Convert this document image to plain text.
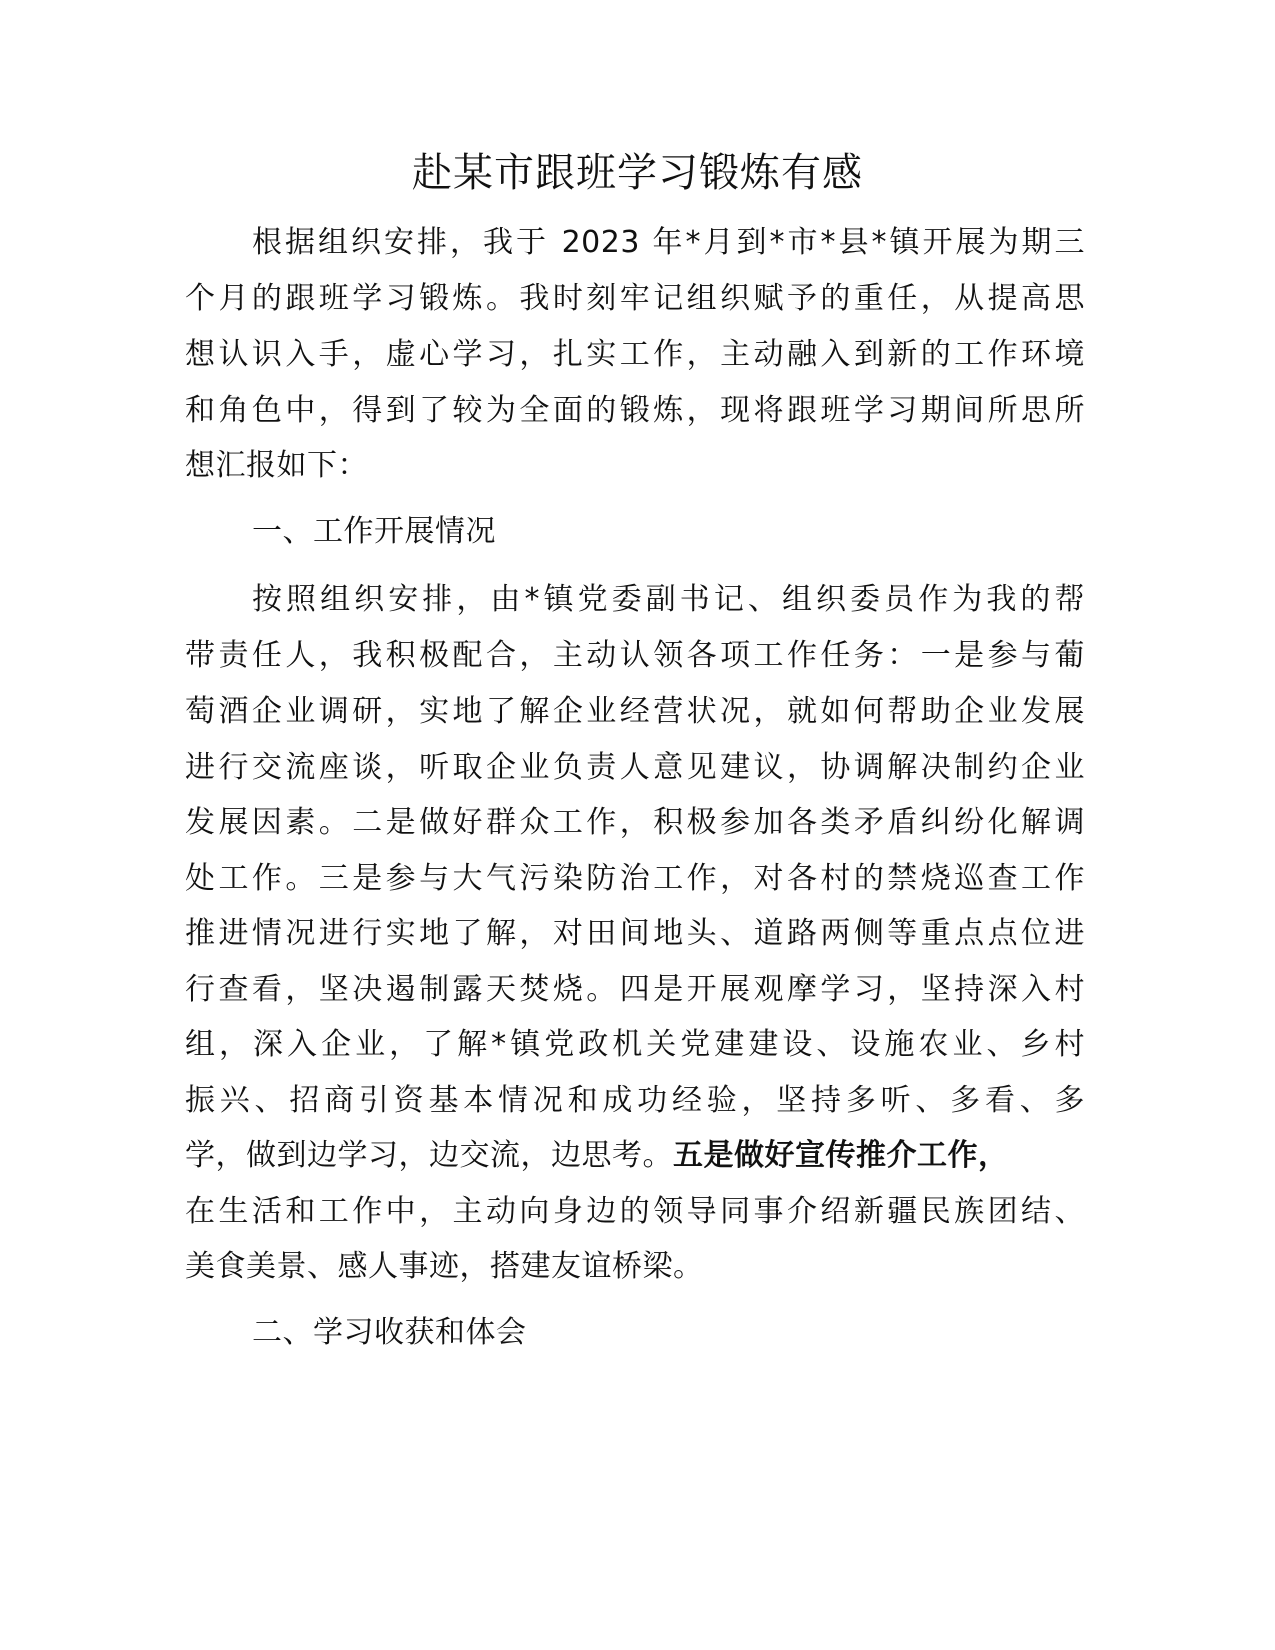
赴某市跟班学习锻炼有感
根据组织安排，我于 2023 年*月到*市*县*镇开展为期三
个月的跟班学习锻炼。我时刻牢记组织赋予的重任，从提高思
想认识入手，虚心学习，扎实工作，主动融入到新的工作环境
和角色中，得到了较为全面的锻炼，现将跟班学习期间所思所
想汇报如下：
一、工作开展情况
按照组织安排，由*镇党委副书记、组织委员作为我的帮
带责任人，我积极配合，主动认领各项工作任务：一是参与葡
萄酒企业调研，实地了解企业经营状况，就如何帮助企业发展
进行交流座谈，听取企业负责人意见建议，协调解决制约企业
发展因素。二是做好群众工作，积极参加各类矛盾纠纷化解调
处工作。三是参与大气污染防治工作，对各村的禁烧巡查工作
推进情况进行实地了解，对田间地头、道路两侧等重点点位进
行查看，坚决遏制露天焚烧。四是开展观摩学习，坚持深入村
组，深入企业，了解*镇党政机关党建建设、设施农业、乡村
振兴、招商引资基本情况和成功经验，坚持多听、多看、多
学，做到边学习，边交流，边思考。五是做好宣传推介工作，
在生活和工作中，主动向身边的领导同事介绍新疆民族团结、
美食美景、感人事迹，搭建友谊桥梁。
二、学习收获和体会
